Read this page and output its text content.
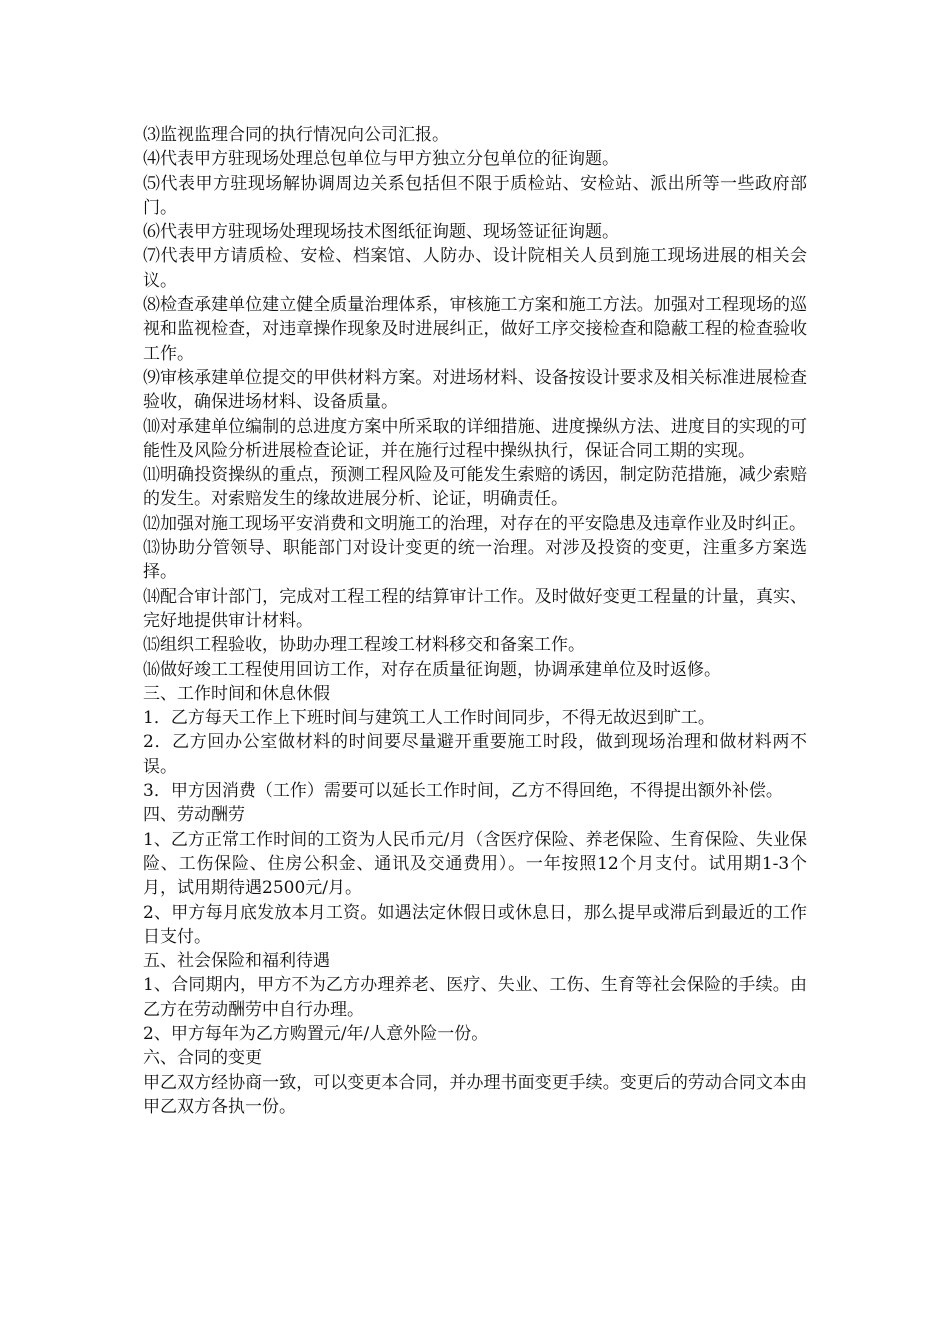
⑶监视监理合同的执行情况向公司汇报。

⑷代表甲方驻现场处理总包单位与甲方独立分包单位的征询题。

⑸代表甲方驻现场解协调周边关系包括但不限于质检站、安检站、派出所等一些政府部门。

⑹代表甲方驻现场处理现场技术图纸征询题、现场签证征询题。

⑺代表甲方请质检、安检、档案馆、人防办、设计院相关人员到施工现场进展的相关会议。

⑻检查承建单位建立健全质量治理体系，审核施工方案和施工方法。加强对工程现场的巡视和监视检查，对违章操作现象及时进展纠正，做好工序交接检查和隐蔽工程的检查验收工作。

⑼审核承建单位提交的甲供材料方案。对进场材料、设备按设计要求及相关标准进展检查验收，确保进场材料、设备质量。

⑽对承建单位编制的总进度方案中所采取的详细措施、进度操纵方法、进度目的实现的可能性及风险分析进展检查论证，并在施行过程中操纵执行，保证合同工期的实现。

⑾明确投资操纵的重点，预测工程风险及可能发生索赔的诱因，制定防范措施，减少索赔的发生。对索赔发生的缘故进展分析、论证，明确责任。

⑿加强对施工现场平安消费和文明施工的治理，对存在的平安隐患及违章作业及时纠正。

⒀协助分管领导、职能部门对设计变更的统一治理。对涉及投资的变更，注重多方案选择。

⒁配合审计部门，完成对工程工程的结算审计工作。及时做好变更工程量的计量，真实、完好地提供审计材料。

⒂组织工程验收，协助办理工程竣工材料移交和备案工作。

⒃做好竣工工程使用回访工作，对存在质量征询题，协调承建单位及时返修。

三、工作时间和休息休假

1．乙方每天工作上下班时间与建筑工人工作时间同步，不得无故迟到旷工。

2．乙方回办公室做材料的时间要尽量避开重要施工时段，做到现场治理和做材料两不误。

3．甲方因消费（工作）需要可以延长工作时间，乙方不得回绝，不得提出额外补偿。

四、劳动酬劳

1、乙方正常工作时间的工资为人民币元/月（含医疗保险、养老保险、生育保险、失业保险、工伤保险、住房公积金、通讯及交通费用）。一年按照12个月支付。试用期1-3个月，试用期待遇2500元/月。

2、甲方每月底发放本月工资。如遇法定休假日或休息日，那么提早或滞后到最近的工作日支付。

五、社会保险和福利待遇

1、合同期内，甲方不为乙方办理养老、医疗、失业、工伤、生育等社会保险的手续。由乙方在劳动酬劳中自行办理。

2、甲方每年为乙方购置元/年/人意外险一份。

六、合同的变更

甲乙双方经协商一致，可以变更本合同，并办理书面变更手续。变更后的劳动合同文本由甲乙双方各执一份。
